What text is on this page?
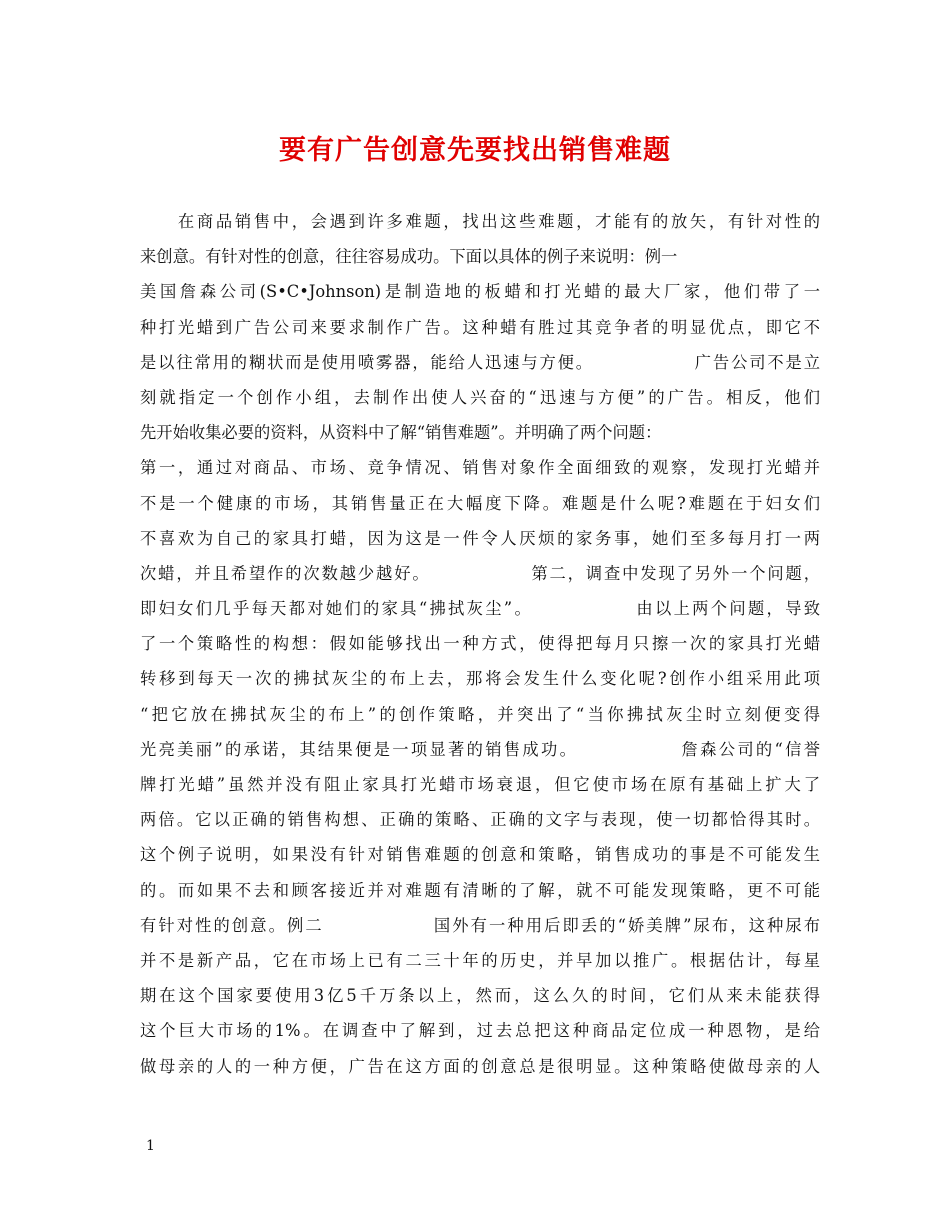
要有广告创意先要找出销售难题
　　在商品销售中，会遇到许多难题，找出这些难题，才能有的放矢，有针对性的
来创意。有针对性的创意，往往容易成功。下面以具体的例子来说明：例一
美国詹森公司(S•C•Johnson)是制造地的板蜡和打光蜡的最大厂家，他们带了一
种打光蜡到广告公司来要求制作广告。这种蜡有胜过其竞争者的明显优点，即它不
是以往常用的糊状而是使用喷雾器，能给人迅速与方便。　　　　　　广告公司不是立
刻就指定一个创作小组，去制作出使人兴奋的“迅速与方便”的广告。相反，他们
先开始收集必要的资料，从资料中了解“销售难题”。并明确了两个问题：
第一，通过对商品、市场、竞争情况、销售对象作全面细致的观察，发现打光蜡并
不是一个健康的市场，其销售量正在大幅度下降。难题是什么呢?难题在于妇女们
不喜欢为自己的家具打蜡，因为这是一件令人厌烦的家务事，她们至多每月打一两
次蜡，并且希望作的次数越少越好。　　　　　　第二，调查中发现了另外一个问题，
即妇女们几乎每天都对她们的家具“拂拭灰尘”。　　　　　　由以上两个问题，导致
了一个策略性的构想：假如能够找出一种方式，使得把每月只擦一次的家具打光蜡
转移到每天一次的拂拭灰尘的布上去，那将会发生什么变化呢?创作小组采用此项
“把它放在拂拭灰尘的布上”的创作策略，并突出了“当你拂拭灰尘时立刻便变得
光亮美丽”的承诺，其结果便是一项显著的销售成功。　　　　　　詹森公司的“信誉
牌打光蜡”虽然并没有阻止家具打光蜡市场衰退，但它使市场在原有基础上扩大了
两倍。它以正确的销售构想、正确的策略、正确的文字与表现，使一切都恰得其时。
这个例子说明，如果没有针对销售难题的创意和策略，销售成功的事是不可能发生
的。而如果不去和顾客接近并对难题有清晰的了解，就不可能发现策略，更不可能
有针对性的创意。例二　　　　　　国外有一种用后即丢的“娇美牌”尿布，这种尿布
并不是新产品，它在市场上已有二三十年的历史，并早加以推广。根据估计，每星
期在这个国家要使用3亿5千万条以上，然而，这么久的时间，它们从来未能获得
这个巨大市场的1%。在调查中了解到，过去总把这种商品定位成一种恩物，是给
做母亲的人的一种方便，广告在这方面的创意总是很明显。这种策略使做母亲的人

1
